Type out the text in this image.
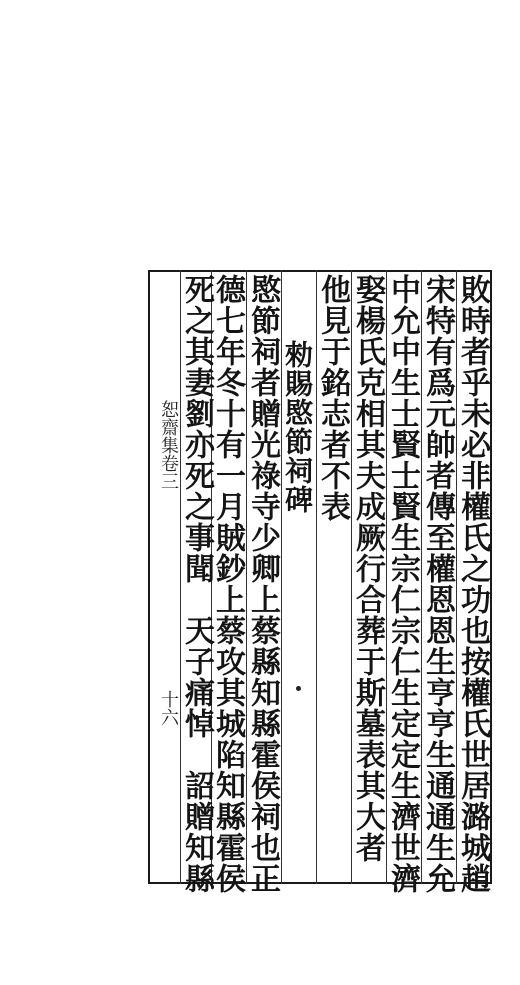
恕齋集卷三
十六	敗時者乎未必非權氏之功也按權氏世居潞城趙
宋特有爲元帥者傳至權恩恩生亨亨生通通生允
中允中生士賢士賢生宗仁宗仁生定定生濟世濟
娶楊氏克相其夫成厥行合葬于斯墓表其大者
他見于銘志者不表
勑賜愍節祠碑
愍節祠者贈光祿寺少卿上蔡縣知縣霍侯祠也正
德七年冬十有一月賊鈔上蔡攻其城陷知縣霍侯
死之其妻劉亦死之事聞　天子痛悼　詔贈知縣
